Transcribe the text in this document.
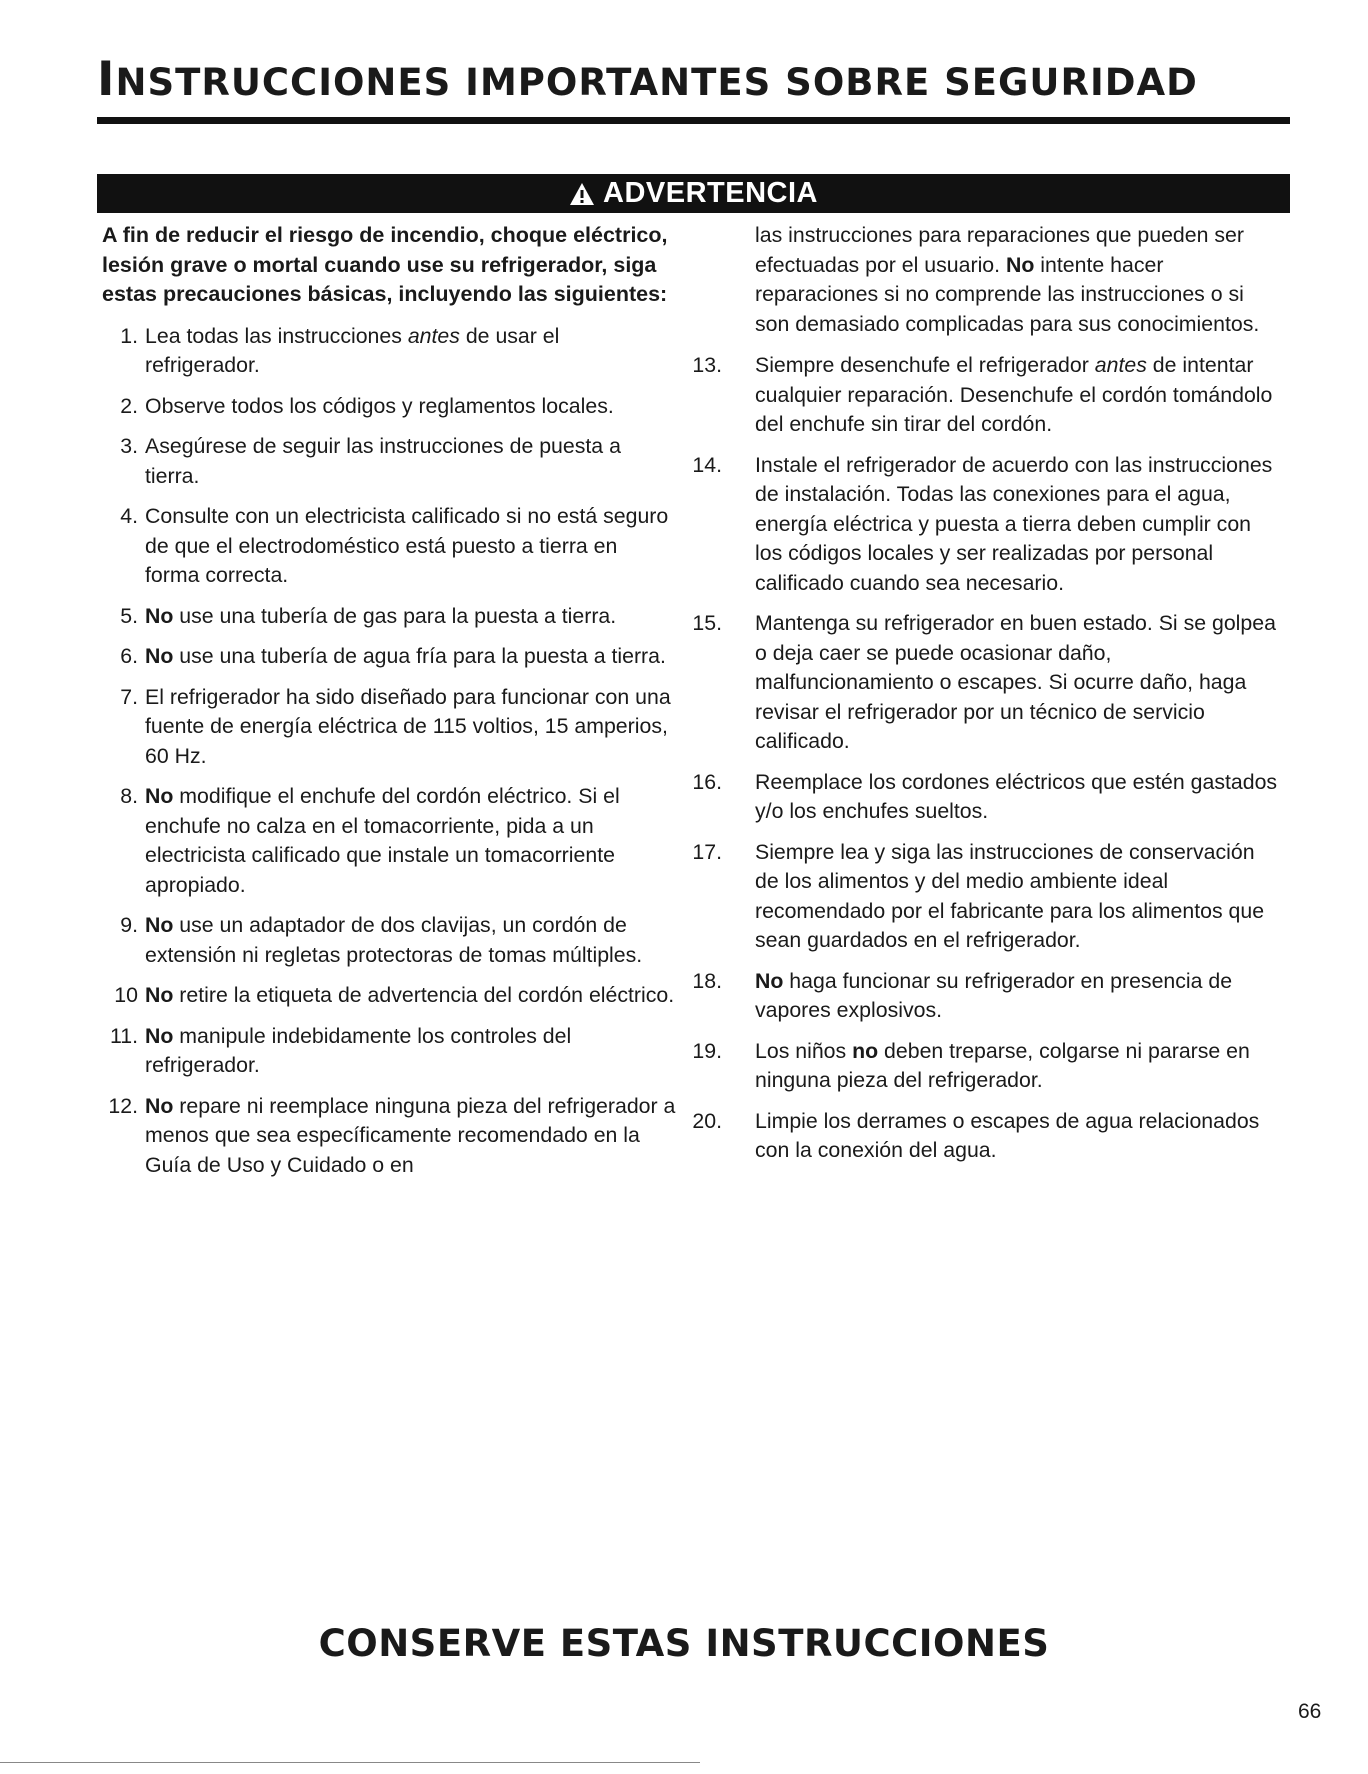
INSTRUCCIONES IMPORTANTES SOBRE SEGURIDAD
ADVERTENCIA

A fin de reducir el riesgo de incendio, choque eléctrico, lesión grave o mortal cuando use su refrigerador, siga estas precauciones básicas, incluyendo las siguientes:

1. Lea todas las instrucciones antes de usar el refrigerador.
2. Observe todos los códigos y reglamentos locales.
3. Asegúrese de seguir las instrucciones de puesta a tierra.
4. Consulte con un electricista calificado si no está seguro de que el electrodoméstico está puesto a tierra en forma correcta.
5. No use una tubería de gas para la puesta a tierra.
6. No use una tubería de agua fría para la puesta a tierra.
7. El refrigerador ha sido diseñado para funcionar con una fuente de energía eléctrica de 115 voltios, 15 amperios, 60 Hz.
8. No modifique el enchufe del cordón eléctrico. Si el enchufe no calza en el tomacorriente, pida a un electricista calificado que instale un tomacorriente apropiado.
9. No use un adaptador de dos clavijas, un cordón de extensión ni regletas protectoras de tomas múltiples.
10 No retire la etiqueta de advertencia del cordón eléctrico.
11. No manipule indebidamente los controles del refrigerador.
12. No repare ni reemplace ninguna pieza del refrigerador a menos que sea específicamente recomendado en la Guía de Uso y Cuidado o en

las instrucciones para reparaciones que pueden ser efectuadas por el usuario. No intente hacer reparaciones si no comprende las instrucciones o si son demasiado complicadas para sus conocimientos.

13. Siempre desenchufe el refrigerador antes de intentar cualquier reparación. Desenchufe el cordón tomándolo del enchufe sin tirar del cordón.
14. Instale el refrigerador de acuerdo con las instrucciones de instalación. Todas las conexiones para el agua, energía eléctrica y puesta a tierra deben cumplir con los códigos locales y ser realizadas por personal calificado cuando sea necesario.
15. Mantenga su refrigerador en buen estado. Si se golpea o deja caer se puede ocasionar daño, malfuncionamiento o escapes. Si ocurre daño, haga revisar el refrigerador por un técnico de servicio calificado.
16. Reemplace los cordones eléctricos que estén gastados y/o los enchufes sueltos.
17. Siempre lea y siga las instrucciones de conservación de los alimentos y del medio ambiente ideal recomendado por el fabricante para los alimentos que sean guardados en el refrigerador.
18. No haga funcionar su refrigerador en presencia de vapores explosivos.
19. Los niños no deben treparse, colgarse ni pararse en ninguna pieza del refrigerador.
20. Limpie los derrames o escapes de agua relacionados con la conexión del agua.
CONSERVE ESTAS INSTRUCCIONES
66
